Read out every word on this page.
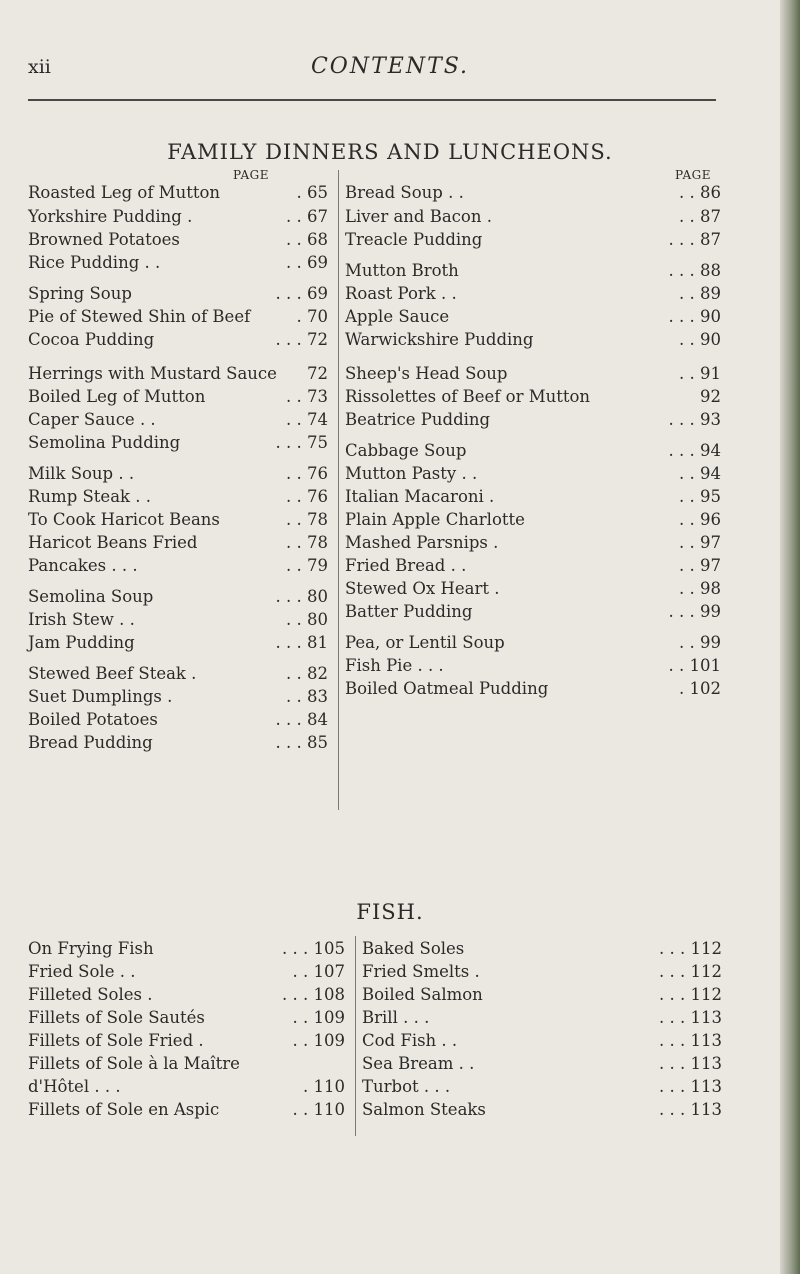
xii	CONTENTS.
FAMILY DINNERS AND LUNCHEONS.
PAGE
Roasted Leg of Mutton	. 65
Yorkshire Pudding .	. . 67
Browned Potatoes	. . 68
Rice Pudding . .	. . 69
Spring Soup	. . . 69
Pie of Stewed Shin of Beef	. 70
Cocoa Pudding	. . . 72
Herrings with Mustard Sauce 72
Boiled Leg of Mutton	. . 73
Caper Sauce . .	. . 74
Semolina Pudding	. . . 75
Milk Soup . .	. . 76
Rump Steak . .	. . 76
To Cook Haricot Beans	. . 78
Haricot Beans Fried	. . 78
Pancakes . . .	. . 79
Semolina Soup	. . . 80
Irish Stew . .	. . 80
Jam Pudding	. . . 81
Stewed Beef Steak .	. . 82
Suet Dumplings .	. . 83
Boiled Potatoes	. . . 84
Bread Pudding	. . . 85
PAGE
Bread Soup . .	. . 86
Liver and Bacon .	. . 87
Treacle Pudding	. . . 87
Mutton Broth	. . . 88
Roast Pork . .	. . 89
Apple Sauce	. . . 90
Warwickshire Pudding	. . 90
Sheep's Head Soup	. . 91
Rissolettes of Beef or Mutton	92
Beatrice Pudding	. . . 93
Cabbage Soup	. . . 94
Mutton Pasty . .	. . 94
Italian Macaroni .	. . 95
Plain Apple Charlotte	. . 96
Mashed Parsnips .	. . 97
Fried Bread . .	. . 97
Stewed Ox Heart .	. . 98
Batter Pudding	. . . 99
Pea, or Lentil Soup	. . 99
Fish Pie . . .	. . 101
Boiled Oatmeal Pudding	. 102
FISH.
On Frying Fish	. . . 105
Fried Sole . .	. . 107
Filleted Soles .	. . . 108
Fillets of Sole Sautés	. . 109
Fillets of Sole Fried .	. . 109
Fillets of Sole à la Maître
d'Hôtel . . .	. 110
Fillets of Sole en Aspic	. . 110
Baked Soles	. . . 112
Fried Smelts .	. . . 112
Boiled Salmon	. . . 112
Brill . . .	. . . 113
Cod Fish . .	. . . 113
Sea Bream . .	. . . 113
Turbot . . .	. . . 113
Salmon Steaks	. . . 113
